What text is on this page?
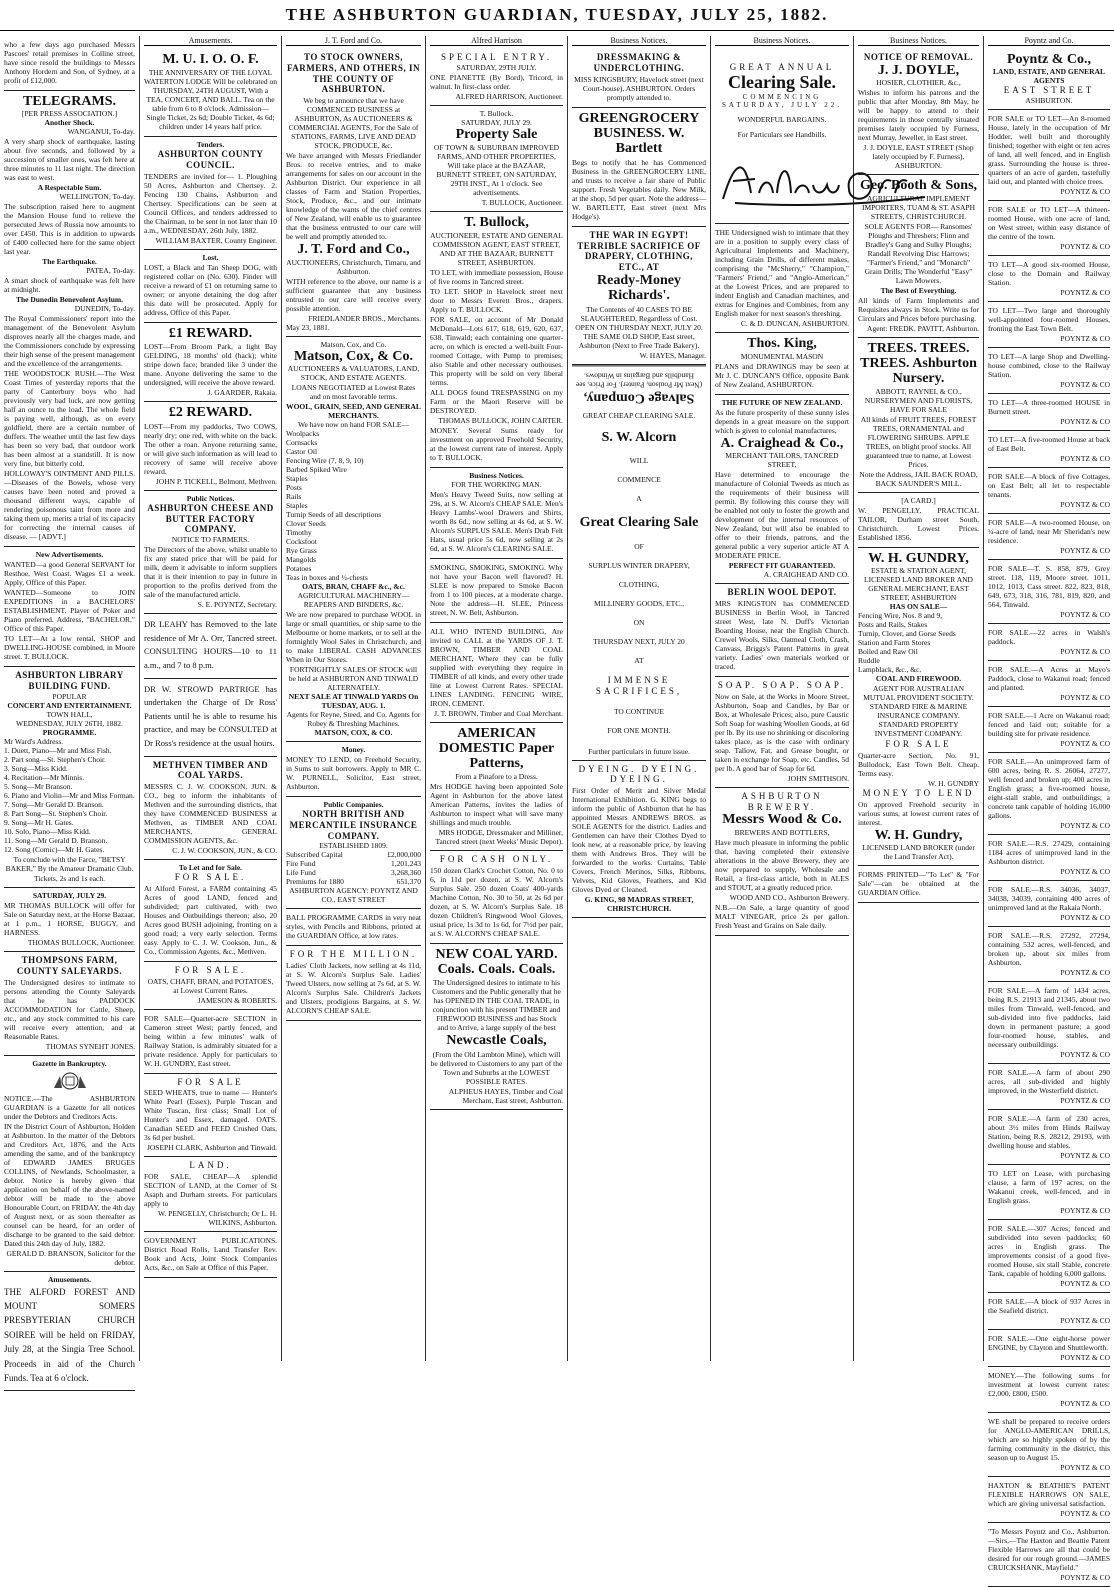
THE ASHBURTON GUARDIAN, TUESDAY, JULY 25, 1882.

who a few days ago purchased Messrs Pascoes' retail premises in Colline street, have since resold the buildings to Messrs Anthony Hordern and Son, of Sydney, at a profit of £12,000.

TELEGRAMS.
[PER PRESS ASSOCIATION.]
Another Shock.
WANGANUI, To-day.

A very sharp shock of earthquake, lasting about five seconds, and followed by a succession of smaller ones, was felt here at three minutes to 11 last night. The direction was east to west.

A Respectable Sum.
WELLINGTON, To-day.

The subscription raised here to augment the Mansion House fund to relieve the persecuted Jews of Russia now amounts to over £450. This is in addition to upwards of £400 collected here for the same object last year.

The Earthquake.
PATEA, To-day.

A smart shock of earthquake was felt here at midnight.

The Dunedin Benevolent Asylum.
DUNEDIN, To-day.

The Royal Commissioners' report into the management of the Benevolent Asylum disproves nearly all the charges made, and the Commissioners conclude by expressing their high sense of the present management and the excellence of the arrangements.

THE WOODSTOCK RUSH.—The West Coast Times of yesterday reports that the party of Canterbury boys who had previously very bad luck, are now getting half an ounce to the load. The whole field is paying well, although, as on every goldfield, there are a certain number of duffers. The weather until the last few days has been so very bad, that outdoor work has been almost at a standstill. It is now very fine, but bitterly cold.

HOLLOWAY'S OINTMENT AND PILLS.—Diseases of the Bowels, whose very causes have been noted and proved a thousand different ways, capable of rendering poisonous taint from more and taking them up, merits a trial of its capacity for correcting the internal causes of disease. — [ADVT.]

New Advertisements.

WANTED—a good General SERVANT for Resthoe, West Coast. Wages £1 a week. Apply, Office of this Paper.

WANTED—Someone to JOIN EXPEDITIONS in a BACHELORS' ESTABLISHMENT. Player of Poker and Piano preferred. Address, "BACHELOR," Office of this Paper.

TO LET—At a low rental, SHOP and DWELLING-HOUSE combined, in Moore street. T. BULLOCK.

ASHBURTON LIBRARY BUILDING FUND.
POPULAR
CONCERT AND ENTERTAINMENT.
TOWN HALL,
WEDNESDAY, JULY 26TH, 1882.
PROGRAMME.
Mr Ward's Address.
1. Duett, Piano—Mr and Miss Fish.
2. Part song—St. Stephen's Choir.
3. Song—Miss Kidd.
4. Recitation—Mr Minnis.
5. Song—Mr Branson.
6. Piano and Violin—Mr and Miss Forman.
7. Song—Mr Gerald D. Branson.
8. Part Song—St. Stephen's Choir.
9. Song—Mr H. Gates.
10. Solo, Piano—Miss Kidd.
11. Song—Mr Gerald D. Branson.
12. Song (Comic)—Mr H. Gates.

To conclude with the Farce, "BETSY BAKER," By the Amateur Dramatic Club.

Tickets, 2s and 1s each.
SATURDAY, JULY 29.

MR THOMAS BULLOCK will offer for Sale on Saturday next, at the Horse Bazaar, at 1 p.m., 1 HORSE, BUGGY, and HARNESS.

THOMAS BULLOCK, Auctioneer.
THOMPSONS FARM, COUNTY SALEYARDS.

The Undersigned desires to intimate to persons attending the County Saleyards that he has PADDOCK ACCOMMODATION for Cattle, Sheep, etc., and any stock committed to his care will receive every attention, and at Reasonable Rates.

THOMAS SYNEHT JONES.
Gazette in Bankruptcy.

NOTICE.—The ASHBURTON GUARDIAN is a Gazette for all notices under the Debtors and Creditors Acts.

IN the District Court of Ashburton, Holden at Ashburton. In the matter of the Debtors and Creditors Act, 1876, and the Acts amending the same, and of the bankruptcy of EDWARD JAMES BRUGES COLLINS, of Newlands, Schoolmaster, a debtor. Notice is hereby given that application on behalf of the above-named debtor will be made to the above Honourable Court, on FRIDAY, the 4th day of August next, or as soon thereafter as counsel can be heard, for an order of discharge to be granted to the said debtor. Dated this 24th day of July, 1882.

GERALD D. BRANSON, Solicitor for the debtor.
Amusements.

THE ALFORD FOREST AND MOUNT SOMERS PRESBYTERIAN CHURCH SOIREE will be held on FRIDAY, July 28, at the Singia Tree School. Proceeds in aid of the Church Funds. Tea at 6 o'clock.

Amusements.
M. U. I. O. O. F.

THE ANNIVERSARY OF THE LOYAL WATERTON LODGE Will be celebrated on THURSDAY, 24TH AUGUST, With a TEA, CONCERT, AND BALL. Tea on the table from 6 to 8 o'clock. Admission—Single Ticket, 2s 6d; Double Ticket, 4s 6d; children under 14 years half price.

Tenders.
ASHBURTON COUNTY COUNCIL.

TENDERS are invited for— 1. Ploughing 50 Acres, Ashburton and Chertsey. 2. Fencing 130 Chains, Ashburton and Chertsey. Specifications can be seen at Council Offices, and tenders addressed to the Chairman, to be sent in not later than 10 a.m., WEDNESDAY, 26th July, 1882.

WILLIAM BAXTER, County Engineer.
Lost.

LOST, a Black and Tan Sheep DOG, with registered collar on (No. 630). Finder will receive a reward of £1 on returning same to owner; or anyone detaining the dog after this date will be prosecuted. Apply for address, Office of this Paper.

£1 REWARD.

LOST—From Broom Park, a light Bay GELDING, 18 months' old (hack); white stripe down face; branded like 3 under the mane. Anyone delivering the same to the undersigned, will receive the above reward.

J. GAARDER, Rakaia.
£2 REWARD.

LOST—From my paddocks, Two COWS, nearly dry; one red, with white on the back. The other a roan. Anyone returning same, or will give such information as will lead to recovery of same will receive above reward.

JOHN P. TICKELL, Belmont, Methven.
Public Notices.
ASHBURTON CHEESE AND BUTTER FACTORY COMPANY.
NOTICE TO FARMERS.

The Directors of the above, whilst unable to fix any stated price that will be paid for milk, deem it advisable to inform suppliers that it is their intention to pay in future in proportion to the profits derived from the sale of the manufactured article.

S. E. POYNTZ, Secretary.

DR LEAHY has Removed to the late residence of Mr A. Orr, Tancred street. CONSULTING HOURS—10 to 11 a.m., and 7 to 8 p.m.

DR W. STROWD PARTRIGE has undertaken the Charge of Dr Ross' Patients until he is able to resume his practice, and may be CONSULTED at Dr Ross's residence at the usual hours.

METHVEN TIMBER AND COAL YARDS.

MESSRS C. J. W. COOKSON, JUN. & CO., beg to inform the inhabitants of Methven and the surrounding districts, that they have COMMENCED BUSINESS at Methven, as TIMBER AND COAL MERCHANTS, GENERAL COMMISSION AGENTS, &c.

C. J. W. COOKSON, JUN., & CO.
To Let and for Sale.
FOR SALE.

At Alford Forest, a FARM containing 45 Acres of good LAND, fenced and subdivided; part cultivated, with two Houses and Outbuildings thereon; also, 20 Acres good BUSH adjoining, fronting on a good road; a very early selection. Terms easy. Apply to C. J. W. Cookson, Jun., & Co., Commission Agents, &c., Methven.

FOR SALE.

OATS, CHAFF, BRAN, and POTATOES, at Lowest Current Rates.

JAMESON & ROBERTS.

FOR SALE—Quarter-acre SECTION in Cameron street West; partly fenced, and being within a few minutes' walk of Railway Station, is admirably situated for a private residence. Apply for particulars to W. H. GUNDRY, East street.

FOR SALE

SEED WHEATS, true to name — Hunter's White Pearl (Essex), Purple Tuscan and White Tuscan, first class; Small Lot of Hunter's and Essex, damaged. OATS. Canadian SEED and FEED Crushed Oats, 3s 6d per bushel.

JOSEPH CLARK, Ashburton and Tinwald.
LAND.

FOR SALE, CHEAP—A splendid SECTION of LAND, at the Corner of St Asaph and Durham streets. For particulars apply to

W. PENGELLY, Christchurch; Or L. H. WILKINS, Ashburton.

GOVERNMENT PUBLICATIONS. District Road Rolls, Land Transfer Rev. Book and Acts, Joint Stock Companies Acts, &c., on Sale at Office of this Paper.

J. T. Ford and Co.
TO STOCK OWNERS, FARMERS, AND OTHERS, IN THE COUNTY OF ASHBURTON.

We beg to announce that we have COMMENCED BUSINESS at ASHBURTON, As AUCTIONEERS & COMMERCIAL AGENTS, For the Sale of STATIONS, FARMS, LIVE AND DEAD STOCK, PRODUCE, &c.

We have arranged with Messrs Friedlander Bros. to receive entries, and to make arrangements for sales on our account in the Ashburton District. Our experience in all classes of Farm and Station Properties, Stock, Produce, &c., and our intimate knowledge of the wants of the chief centres of New Zealand, will enable us to guarantee that the business entrusted to our care will be well and promptly attended to.

J. T. Ford and Co.,
AUCTIONEERS, Christchurch, Timaru, and Ashburton.

WITH reference to the above, our name is a sufficient guarantee that any business entrusted to our care will receive every possible attention.

FRIEDLANDER BROS., Merchants.
May 23, 1881.
Matson, Cox, and Co.
Matson, Cox, & Co.
AUCTIONEERS & VALUATORS, LAND, STOCK, AND ESTATE AGENTS.

LOANS NEGOTIATED at Lowest Rates and on most favorable terms.

WOOL, GRAIN, SEED, AND GENERAL MERCHANTS.
We have now on hand FOR SALE—
Woolpacks
Cornsacks
Castor Oil
Fencing Wire (7, 8, 9, 10)
Barbed Spiked Wire
Staples
Posts
Rails
Staples
Turnip Seeds of all descriptions
Clover Seeds
Timothy
Cocksfoot
Rye Grass
Mangolds
Potatoes
Teas in boxes and ½-chests
OATS, BRAN, CHAFF &c., &c.
AGRICULTURAL MACHINERY— REAPERS AND BINDERS, &c.

We are now prepared to purchase WOOL in large or small quantities, or ship same to the Melbourne or home markets, or to sell at the fortnightly Wool Sales in Christchurch, and to make LIBERAL CASH ADVANCES When in Our Stores.

FORTNIGHTLY SALES OF STOCK will be held at ASHBURTON AND TINWALD ALTERNATELY.
NEXT SALE AT TINWALD YARDS On TUESDAY, AUG. 1.
Agents for Reyne, Steed, and Co. Agents for Robey & Threshing Machines.
MATSON, COX, & CO.
Money.

MONEY TO LEND, on Freehold Security, in Sums to suit borrowers. Apply to MR C. W. PURNELL, Solicitor, East street, Ashburton.

Public Companies.
NORTH BRITISH AND MERCANTILE INSURANCE COMPANY.
ESTABLISHED 1809.
Subscribed Capital	£2,000,000
Fire Fund	1,201,243
Life Fund	3,268,360
Premiums for 1880	651,370
ASHBURTON AGENCY: POYNTZ AND CO., EAST STREET

BALL PROGRAMME CARDS in very neat styles, with Pencils and Ribbons, printed at the GUARDIAN Office, at low rates.

FOR THE MILLION.

Ladies' Cloth Jackets, now selling at 4s 11d, at S. W. Alcorn's Surplus Sale. Ladies' Tweed Ulsters, now selling at 7s 6d, at S. W. Alcorn's Surplus Sale. Children's Jackets and Ulsters, prodigious Bargains, at S. W. ALCORN'S CHEAP SALE.

Alfred Harrison
SPECIAL ENTRY.
SATURDAY, 29TH JULY.

ONE PIANETTE (By Bord), Tricord, in walnut. In first-class order.

ALFRED HARRISON, Auctioneer.
T. Bullock.
SATURDAY, JULY 29.
Property Sale

OF TOWN & SUBURBAN IMPROVED FARMS, AND OTHER PROPERTIES, Will take place at the BAZAAR, BURNETT STREET, ON SATURDAY, 29TH INST., At 1 o'clock. See advertisements.

T. BULLOCK, Auctioneer.
T. Bullock,
AUCTIONEER, ESTATE AND GENERAL COMMISSION AGENT, EAST STREET, AND AT THE BAZAAR, BURNETT STREET, ASHBURTON.

TO LET, with immediate possession, House of five rooms in Tancred street.

TO LET. SHOP in Havelock street next door to Messrs Everett Bros., drapers. Apply to T. BULLOCK.

FOR SALE, on account of Mr Donald McDonald—Lots 617, 618, 619, 620, 637, 638, Tinwald; each containing one quarter-acre, on which is erected a well-built Four-roomed Cottage, with Pump to premises; also Stable and other necessary outhouses. This property will be sold on very liberal terms.

ALL DOGS found TRESPASSING on my Farm or the Maori Reserve will be DESTROYED.

THOMAS BULLOCK, JOHN CARTER.

MONEY. Several Sums ready for investment on approved Freehold Security, at the lowest current rate of interest. Apply to T. BULLOCK.

Business Notices.
FOR THE WORKING MAN.

Men's Heavy Tweed Suits, now selling at 29s, at S. W. Alcorn's CHEAP SALE. Men's Heavy Lambs'-wool Drawers and Shirts, worth 8s 6d., now selling at 4s 6d, at S. W. Alcorn's SURPLUS SALE. Men's Drab Felt Hats, usual price 5s 6d, now selling at 2s 6d, at S. W. Alcorn's CLEARING SALE.

SMOKING, SMOKING, SMOKING. Why not have your Bacon well flavored? H. SLEE is now prepared to Smoke Bacon from 1 to 100 pieces, at a moderate charge. Note the address—H. SLEE, Princess street, N. W. Belt, Ashburton.

ALL WHO INTEND BUILDING, Are invited to CALL at the YARDS OF J. T. BROWN, TIMBER AND COAL MERCHANT, Where they can be fully supplied with everything they require in TIMBER of all kinds, and every other trade line at Lowest Current Rates. SPECIAL LINES LANDING. FENCING WIRE, IRON, CEMENT.

J. T. BROWN, Timber and Coal Merchant.
AMERICAN DOMESTIC Paper Patterns,
From a Pinafore to a Dress.

Mrs HODGE having been appointed Sole Agent in Ashburton for the above latest American Patterns, invites the ladies of Ashburton to inspect what will save many shillings and much trouble.

MRS HODGE, Dressmaker and Milliner, Tancred street (next Weeks' Music Depot).
FOR CASH ONLY.

150 dozen Clark's Crochet Cotton, No. 0 to 6, in 11d per dozen, at S. W. Alcorn's Surplus Sale. 250 dozen Coats' 400-yards Machine Cotton, No. 30 to 50, at 2s 6d per dozen, at S. W. Alcorn's Surplus Sale. 18 dozen Children's Ringwood Wool Gloves, usual price, 1s 3d to 1s 6d, for 7½d per pair, at S. W. ALCORN'S CHEAP SALE.

NEW COAL YARD. Coals. Coals. Coals.

The Undersigned desires to intimate to his Customers and the Public generally that he has OPENED IN THE COAL TRADE, in conjunction with his present TIMBER and FIREWOOD BUSINESS and has Stock and to Arrive, a large supply of the best

Newcastle Coals,

(From the Old Lambton Mine), which will be delivered to Customers to any part of the Town and Suburbs at the LOWEST POSSIBLE RATES.

ALPHEUS HAYES, Timber and Coal Merchant, East street, Ashburton.
Business Notices.
DRESSMAKING & UNDERCLOTHING.

MISS KINGSBURY, Havelock street (next Court-house), ASHBURTON. Orders promptly attended to.

GREENGROCERY BUSINESS. W. Bartlett

Begs to notify that he has Commenced Business in the GREENGROCERY LINE, and trusts to receive a fair share of Public support. Fresh Vegetables daily. New Milk, at the shop, 5d per quart. Note the address— W. BARTLETT, East street (next Mrs Hodge's).

THE WAR IN EGYPT! TERRIBLE SACRIFICE OF DRAPERY, CLOTHING, ETC., AT
Ready-Money Richards'.

The Contents of 40 CASES TO BE SLAUGHTERED, Regardless of Cost. OPEN ON THURSDAY NEXT, JULY 20. THE SAME OLD SHOP, East street, Ashburton (Next to Free Trade Bakery).

W. HAYES, Manager.
Salvage Company,

(Next Mr Poulson, Painter). For Price, see Handbills and Bargains in Windows.

GREAT CHEAP CLEARING SALE.
S. W. Alcorn
WILL
COMMENCE
A
Great Clearing Sale
OF
SURPLUS WINTER DRAPERY,
CLOTHING,
MILLINERY GOODS, ETC.,
ON
THURSDAY NEXT, JULY 20
AT
IMMENSE SACRIFICES,
TO CONTINUE
FOR ONE MONTH.
Further particulars in future issue.
DYEING. DYEING. DYEING.

First Order of Merit and Silver Medal International Exhibition. G. KING begs to inform the public of Ashburton that he has appointed Messrs ANDREWS BROS. as SOLE AGENTS for the district. Ladies and Gentlemen can have their Clothes Dyed to look new, at a reasonable price, by leaving them with Andrews Bros. They will be forwarded to the works. Curtains, Table Covers, French Merinos, Silks, Ribbons, Velvets, Kid Gloves, Feathers, and Kid Gloves Dyed or Cleaned.

G. KING, 98 MADRAS STREET, CHRISTCHURCH.
Business Notices.
GREAT ANNUAL
Clearing Sale.
COMMENCING SATURDAY, JULY 22.
WONDERFUL BARGAINS.
For Particulars see Handbills.

THE Undersigned wish to intimate that they are in a position to supply every class of Agricultural Implements and Machinery, including Grain Drills, of different makes, comprising the "McSherry," "Champion," "Farmers' Friend," and "Anglo-American," at the Lowest Prices, and are prepared to indent English and Canadian machines, and extras for Engines and Combines, from any English maker for next season's threshing.

C. & D. DUNCAN, ASHBURTON.
Thos. King,
MONUMENTAL MASON

PLANS and DRAWINGS may be seen at Mr J. C. DUNCAN'S Office, opposite Bank of New Zealand, ASHBURTON.

THE FUTURE OF NEW ZEALAND.

As the future prosperity of these sunny isles depends in a great measure on the support which is given to colonial manufactures,

A. Craighead & Co.,
MERCHANT TAILORS, TANCRED STREET,

Have determined to encourage the manufacture of Colonial Tweeds as much as the requirements of their business will permit. By following this course they will be enabled not only to foster the growth and development of the internal resources of New Zealand, but will also be enabled to offer to their friends, patrons, and the general public a very superior article AT A MODERATE PRICE.

PERFECT FIT GUARANTEED.
A. CRAIGHEAD AND CO.
BERLIN WOOL DEPOT.

MRS KINGSTON has COMMENCED BUSINESS in Berlin Wool, in Tancred street West, late N. Duff's Victorian Boarding House, near the English Church. Crewel Wools, Silks, Oatmeal Cloth, Crash, Canvass, Briggs's Patent Patterns in great variety. Ladies' own materials worked or traced.

SOAP. SOAP. SOAP.

Now on Sale, at the Works in Moore Street, Ashburton, Soap and Candles, by Bar or Box, at Wholesale Prices; also, pure Caustic Soft Soap for washing Woollen Goods, at 6d per lb. By its use no shrinking or discoloring takes place, as is the case with ordinary soap. Tallow, Fat, and Grease bought, or taken in exchange for Soap, etc. Candles, 5d per lb. A good bar of Soap for 6d.

JOHN SMITHSON.
ASHBURTON BREWERY.
Messrs Wood & Co.
BREWERS AND BOTTLERS,

Have much pleasure in informing the public that, having completed their extensive alterations in the above Brewery, they are now prepared to supply, Wholesale and Retail, a first-class article, both in ALES and STOUT, at a greatly reduced price.

WOOD AND CO., Ashburton Brewery.

N.B.—On Sale, a large quantity of good MALT VINEGAR, price 2s per gallon. Fresh Yeast and Grains on Sale daily.

Business Notices.
NOTICE OF REMOVAL.
J. J. DOYLE,
HOSIER, CLOTHIER, &c.,

Wishes to inform his patrons and the public that after Monday, 8th May, he will be happy to attend to their requirements in those centrally situated premises lately occupied by Furness, next Murray, Jeweller, in East street.

J. J. DOYLE, EAST STREET (Shop lately occupied by F. Furness), ASHBURTON.
Geo. Booth & Sons,
AGRICULTURAL IMPLEMENT IMPORTERS, TUAM & ST. ASAPH STREETS, CHRISTCHURCH.

SOLE AGENTS FOR— Ransomes' Ploughs and Threshers; Flinn and Bradley's Gang and Sulky Ploughs; Randall Revolving Disc Harrows; "Farmer's Friend," and "Monarch" Grain Drills; The Wonderful "Easy" Lawn Mowers.

The Best of Everything.

All kinds of Farm Implements and Requisites always in Stock. Write us for Circulars and Prices before purchasing.

Agent: FREDK. PAVITT, Ashburton.
TREES. TREES. TREES. Ashburton Nursery.
ABBOTT, RAYNEL & CO., NURSERYMEN AND FLORISTS, HAVE FOR SALE

All kinds of FRUIT TREES, FOREST TREES, ORNAMENTAL and FLOWERING SHRUBS. APPLE TREES, on blight proof stocks. All guaranteed true to name, at Lowest Prices.

Note the Address, JAIL BACK ROAD, BACK SAUNDER'S MILL.
[A CARD.]

W. PENGELLY, PRACTICAL TAILOR, Durham street South, Christchurch. Lowest Prices. Established 1856.

W. H. GUNDRY,
ESTATE & STATION AGENT, LICENSED LAND BROKER AND GENERAL MERCHANT, EAST STREET, ASHBURTON
HAS ON SALE—
Fencing Wire, Nos. 8 and 9,
Posts and Rails, Stakes
Turnip, Clover, and Gorse Seeds
Station and Farm Stores
Boiled and Raw Oil
Ruddle
Lampblack, &c., &c.
COAL AND FIREWOOD.

AGENT FOR AUSTRALIAN MUTUAL PROVIDENT SOCIETY. STANDARD FIRE & MARINE INSURANCE COMPANY. STANDARD PROPERTY INVESTMENT COMPANY.

FOR SALE

Quarter-acre Section, No. 91, Bullodock, East Town Belt. Cheap. Terms easy.

W. H. GUNDRY
MONEY TO LEND

On approved Freehold security in various sums, at lowest current rates of interest.

W. H. Gundry,
LICENSED LAND BROKER (under the Land Transfer Act).

FORMS PRINTED—"To Let" & "For Sale"—can be obtained at the GUARDIAN Office.

Poyntz and Co.
Poyntz & Co.,
LAND, ESTATE, AND GENERAL AGENTS
EAST STREET
ASHBURTON.

FOR SALE or TO LET—An 8-roomed House, lately in the occupation of Mr Hodder, well built and thoroughly finished; together with eight or ten acres of land, all well fenced, and in English grass. Surrounding the house is three-quarters of an acre of garden, tastefully laid out, and planted with choice trees.

POYNTZ & CO

FOR SALE or TO LET—A thirteen-roomed House, with one acre of land, on West street, within easy distance of the centre of the town.

POYNTZ & CO

TO LET—A good six-roomed House, close to the Domain and Railway Station.

POYNTZ & CO

TO LET—Two large and thoroughly well-appointed four-roomed Houses, fronting the East Town Belt.

POYNTZ & CO

TO LET—A large Shop and Dwelling-house combined, close to the Railway Station.

POYNTZ & CO

TO LET—A three-roomed HOUSE in Burnett street.

POYNTZ & CO

TO LET—A five-roomed House at back of East Belt.

POYNTZ & CO

FOR SALE—A block of five Cottages, on East Belt; all let to respectable tenants.

POYNTZ & CO

FOR SALE—A two-roomed House, on ¼-acre of land, near Mr Sheridan's new residence.

POYNTZ & CO

FOR SALE—T. S. 858, 879, Grey street. 118, 119, Moore street. 1011, 1012, 1013, Cass street. 822, 823, 818, 649, 673, 318, 316, 781, 819, 820, and 564, Tinwald.

POYNTZ & CO

FOR SALE.—22 acres in Walsh's paddock.

POYNTZ & CO

FOR SALE.—A Acres at Mayo's Paddock, close to Wakanui road; fenced and planted.

POYNTZ & CO

FOR SALE.—1 Acre on Wakanui road; fenced and laid out; suitable for a building site for private residence.

POYNTZ & CO

FOR SALE.—An unimproved farm of 600 acres, being R. S. 26064, 27277, well fenced and broken up; 400 acres in English grass; a five-roomed house, eight-stall stable, and outbuildings; a concrete tank capable of holding 16,000 gallons.

POYNTZ & CO

FOR SALE.—R.S. 27429, containing 1184 acres of unimproved land in the Ashburton district.

POYNTZ & CO

FOR SALE.—R.S. 34036, 34037, 34038, 34039, containing 400 acres of unimproved land at the Rakaia North.

POYNTZ & CO

FOR SALE.—R.S. 27292, 27294, containing 532 acres, well-fenced, and broken up, about six miles from Ashburton.

POYNTZ & CO

FOR SALE.—A farm of 1434 acres, being R.S. 21913 and 21345, about two miles from Tinwald, well-fenced, and sub-divided into five paddocks, laid down in permanent pasture; a good four-roomed house, stables, and necessary outbuildings.

POYNTZ & CO

FOR SALE.—A farm of about 290 acres, all sub-divided and highly improved, in the Westerfield district.

POYNTZ & CO

FOR SALE.—A farm of 230 acres, about 3½ miles from Hinds Railway Station, being R.S. 28212, 29193, with dwelling house and stables.

POYNTZ & CO

TO LET on Lease, with purchasing clause, a farm of 197 acres, on the Wakanui creek, well-fenced, and in English grass.

POYNTZ & CO

FOR SALE.—307 Acres; fenced and subdivided into seven paddocks; 60 acres in English grass. The improvements consist of a good five-roomed House, six stall Stable, concrete Tank, capable of holding 6,000 gallons.

POYNTZ & CO

FOR SALE.—A block of 937 Acres in the Seafield district.

POYNTZ & CO

FOR SALE.—One eight-horse power ENGINE, by Clayton and Shuttleworth.

POYNTZ & CO

MONEY.—The following sums for investment at lowest current rates: £2,000, £800, £500.

POYNTZ & CO

WE shall be prepared to receive orders for ANGLO-AMERICAN DRILLS, which are so highly spoken of by the farming community in the district, this season up to August 15.

POYNTZ & CO

HAXTON & BEATHIE'S PATENT FLEXIBLE HARROWS ON SALE, which are giving universal satisfaction.

POYNTZ & CO

"To Messrs Poyntz and Co., Ashburton.—Sirs,—The Haxton and Beattie Patent Flexible Harrows are all that could be desired for our rough ground.—JAMES CRUICKSHANK, Mayfield."

POYNTZ & CO
